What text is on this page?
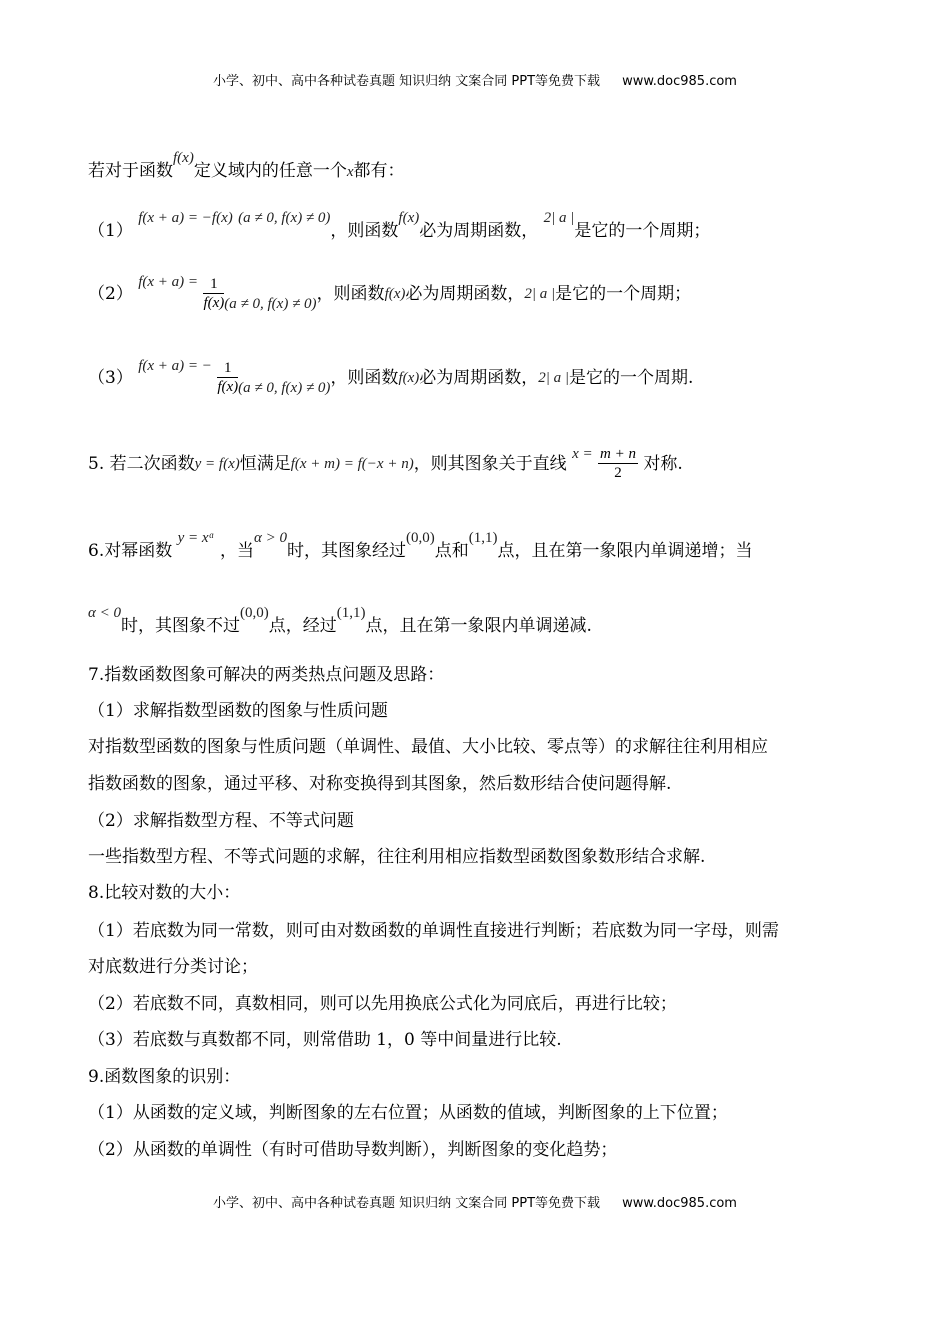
小学、初中、高中各种试卷真题 知识归纳 文案合同 PPT等免费下载 www.doc985.com
若对于函数f(x)定义域内的任意一个x都有：
（1） f(x + a) = −f(x) (a ≠ 0, f(x) ≠ 0)，则函数f(x)必为周期函数， 2| a |是它的一个周期；
（2） $f(x + a) = \frac{1}{f(x)} (a \ne 0$, f(x) ≠ 0)，则函数f(x)必为周期函数，2| a |是它的一个周期；
（3） f(x + a) = − $\frac{1}{f(x)} (a \ne 0$, f(x) ≠ 0)，则函数f(x)必为周期函数，2| a |是它的一个周期.
5. 若二次函数y = f(x)恒满足f(x + m) = f(−x + n)，则其图象关于直线 $x = \frac{m + n}{2}$ 对称.
6.对幂函数 y = xᵅ ，当α > 0时，其图象经过(0,0)点和(1,1)点，且在第一象限内单调递增；当
α < 0时，其图象不过(0,0)点，经过(1,1)点，且在第一象限内单调递减.
7.指数函数图象可解决的两类热点问题及思路：
（1）求解指数型函数的图象与性质问题
对指数型函数的图象与性质问题（单调性、最值、大小比较、零点等）的求解往往利用相应
指数函数的图象，通过平移、对称变换得到其图象，然后数形结合使问题得解.
（2）求解指数型方程、不等式问题
一些指数型方程、不等式问题的求解，往往利用相应指数型函数图象数形结合求解.
8.比较对数的大小：
（1）若底数为同一常数，则可由对数函数的单调性直接进行判断；若底数为同一字母，则需
对底数进行分类讨论；
（2）若底数不同，真数相同，则可以先用换底公式化为同底后，再进行比较；
（3）若底数与真数都不同，则常借助 1，0 等中间量进行比较.
9.函数图象的识别：
（1）从函数的定义域，判断图象的左右位置；从函数的值域，判断图象的上下位置；
（2）从函数的单调性（有时可借助导数判断），判断图象的变化趋势；
小学、初中、高中各种试卷真题 知识归纳 文案合同 PPT等免费下载 www.doc985.com
